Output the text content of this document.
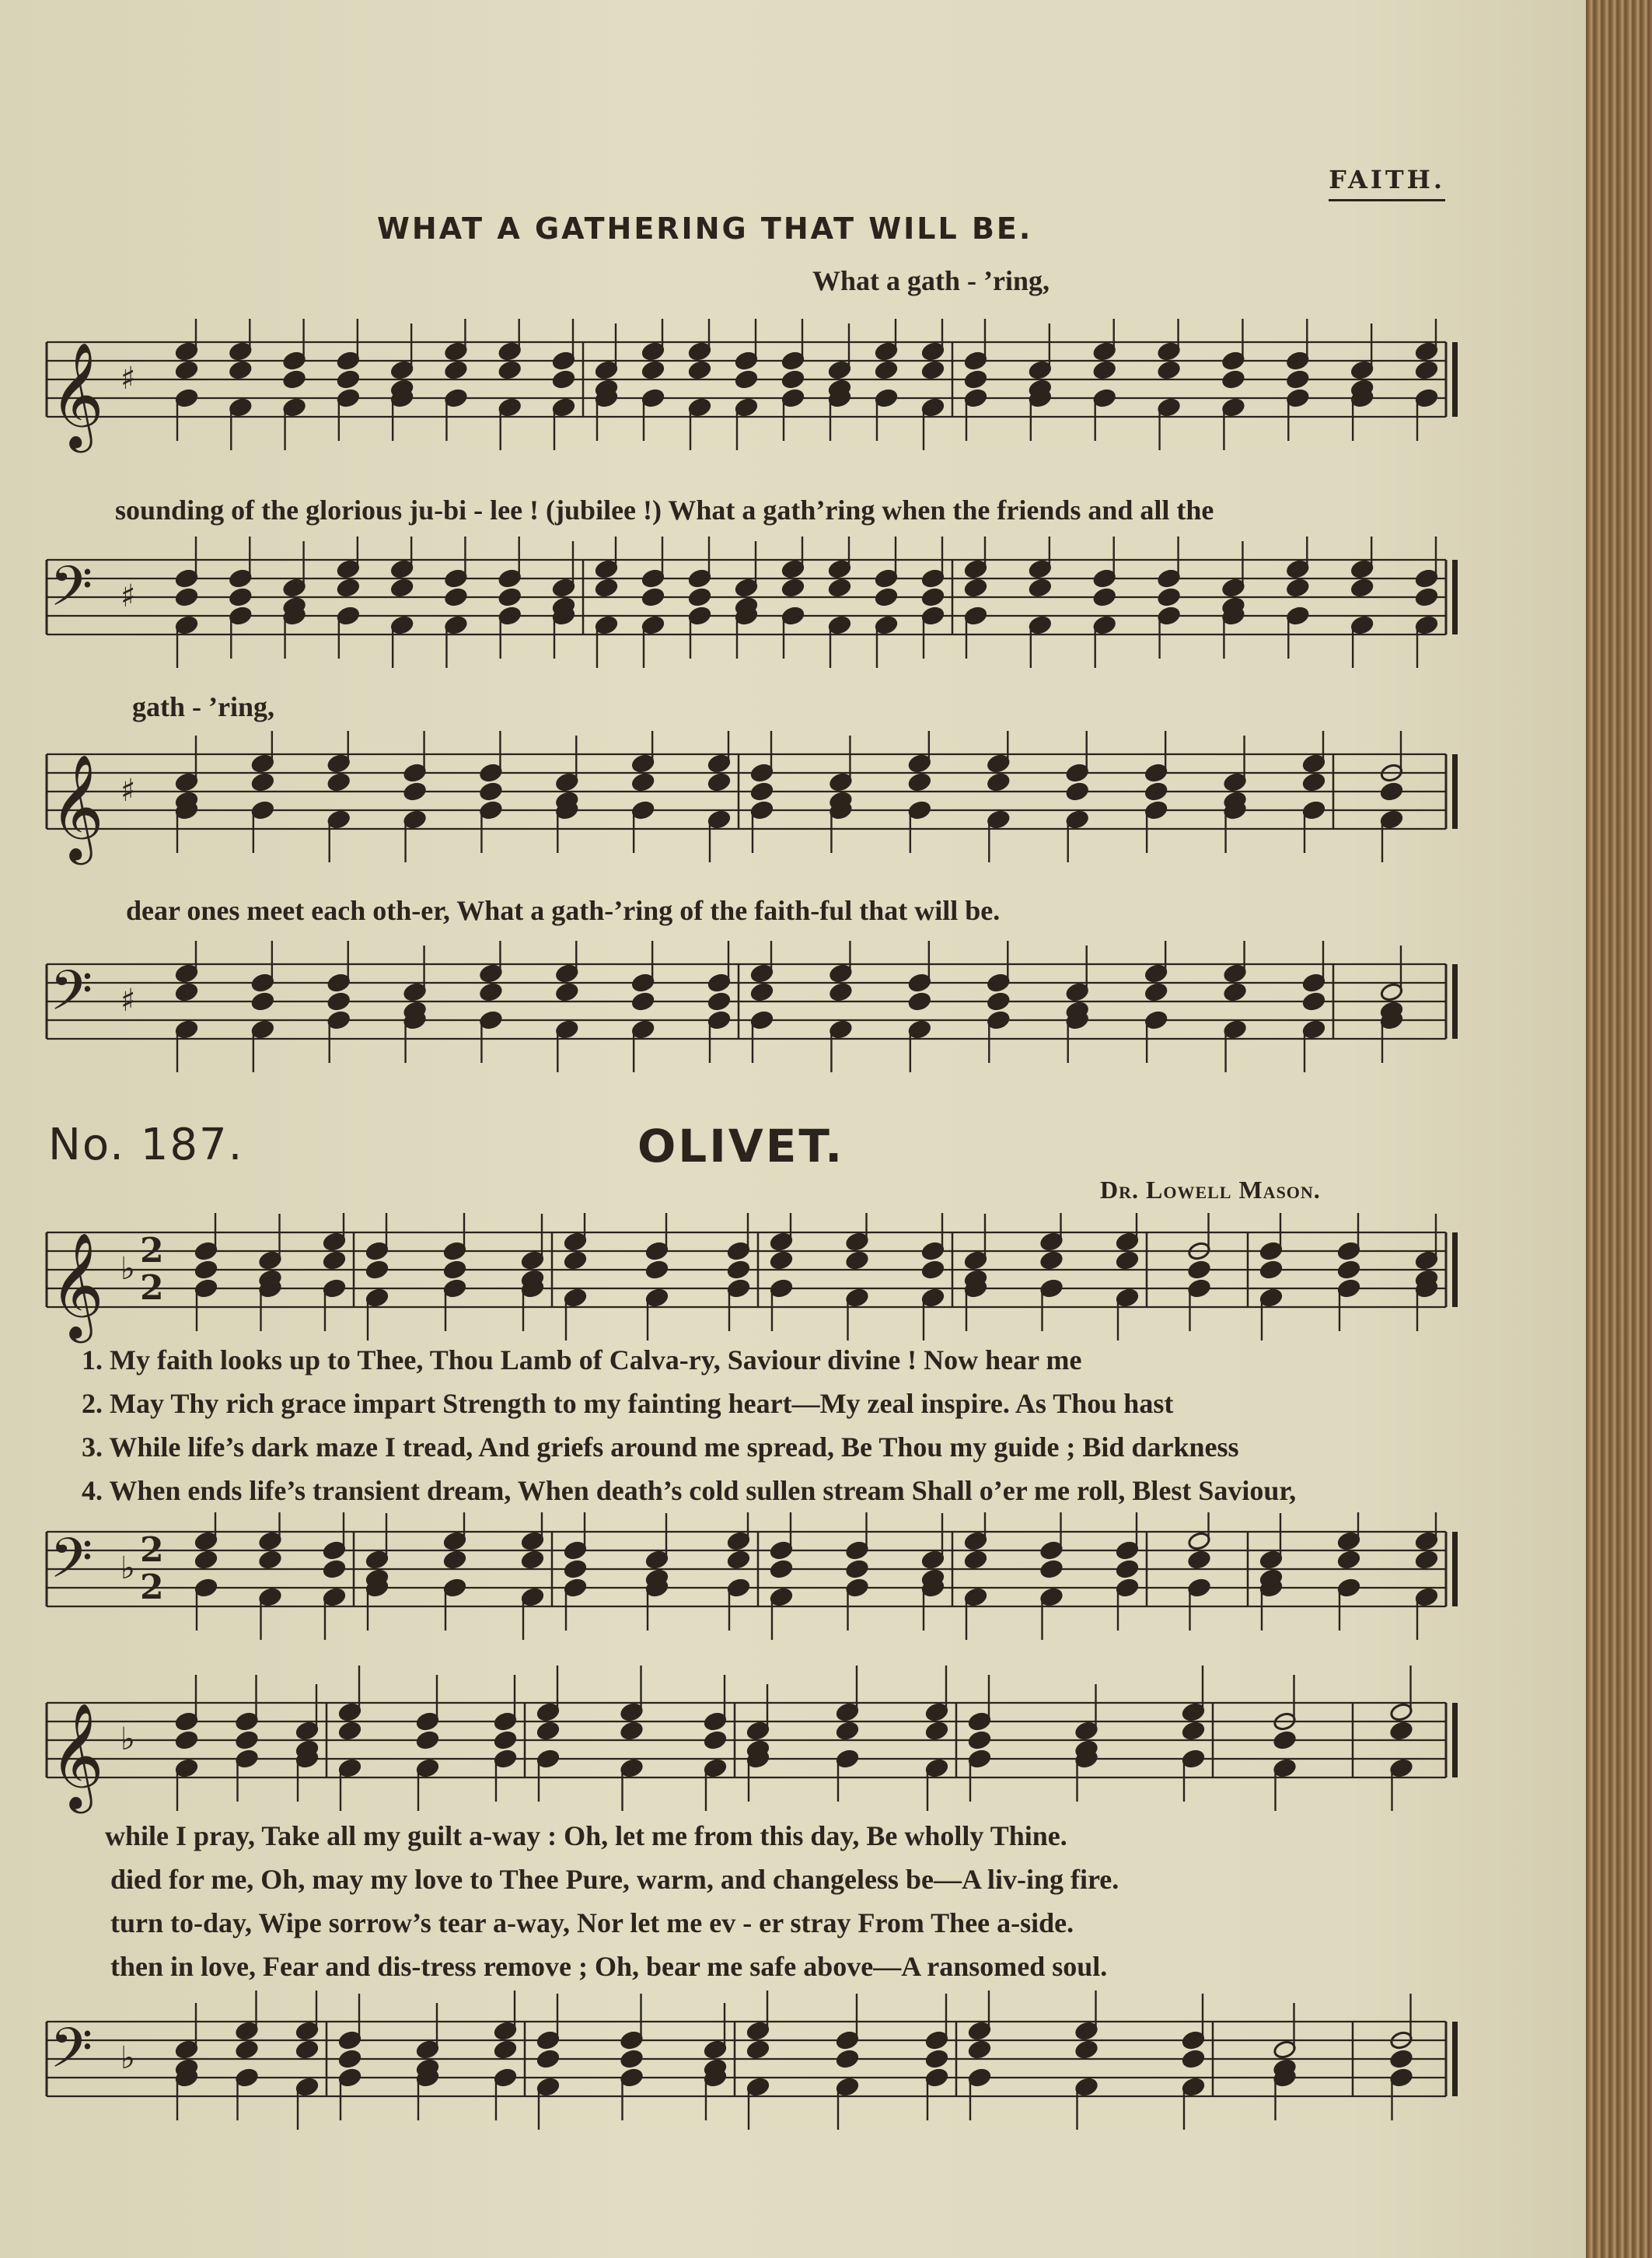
FAITH.
WHAT A GATHERING THAT WILL BE.
What a gath - ’ring,
sounding of the glorious ju-bi - lee ! (jubilee !) What a gath’ring when the friends and all the
gath - ’ring,
dear ones meet each oth-er, What a gath-’ring of the faith-ful that will be.
No. 187.	OLIVET.
Dr. Lowell Mason.
1. My faith looks up to Thee, Thou Lamb of Calva-ry, Saviour divine ! Now hear me
2. May Thy rich grace impart Strength to my fainting heart—My zeal inspire. As Thou hast
3. While life’s dark maze I tread, And griefs around me spread, Be Thou my guide ; Bid darkness
4. When ends life’s transient dream, When death’s cold sullen stream Shall o’er me roll, Blest Saviour,
while I pray, Take all my guilt a-way : Oh, let me from this day, Be wholly Thine.
died for me, Oh, may my love to Thee Pure, warm, and changeless be—A liv-ing fire.
turn to-day, Wipe sorrow’s tear a-way, Nor let me ev - er stray From Thee a-side.
then in love, Fear and dis-tress remove ; Oh, bear me safe above—A ransomed soul.
𝄞 ♯
𝄢 ♯
𝄞 ♯
𝄢 ♯
𝄞 ♭ 2
2
𝄢 ♭ 2
2
𝄞 ♭
𝄢 ♭
